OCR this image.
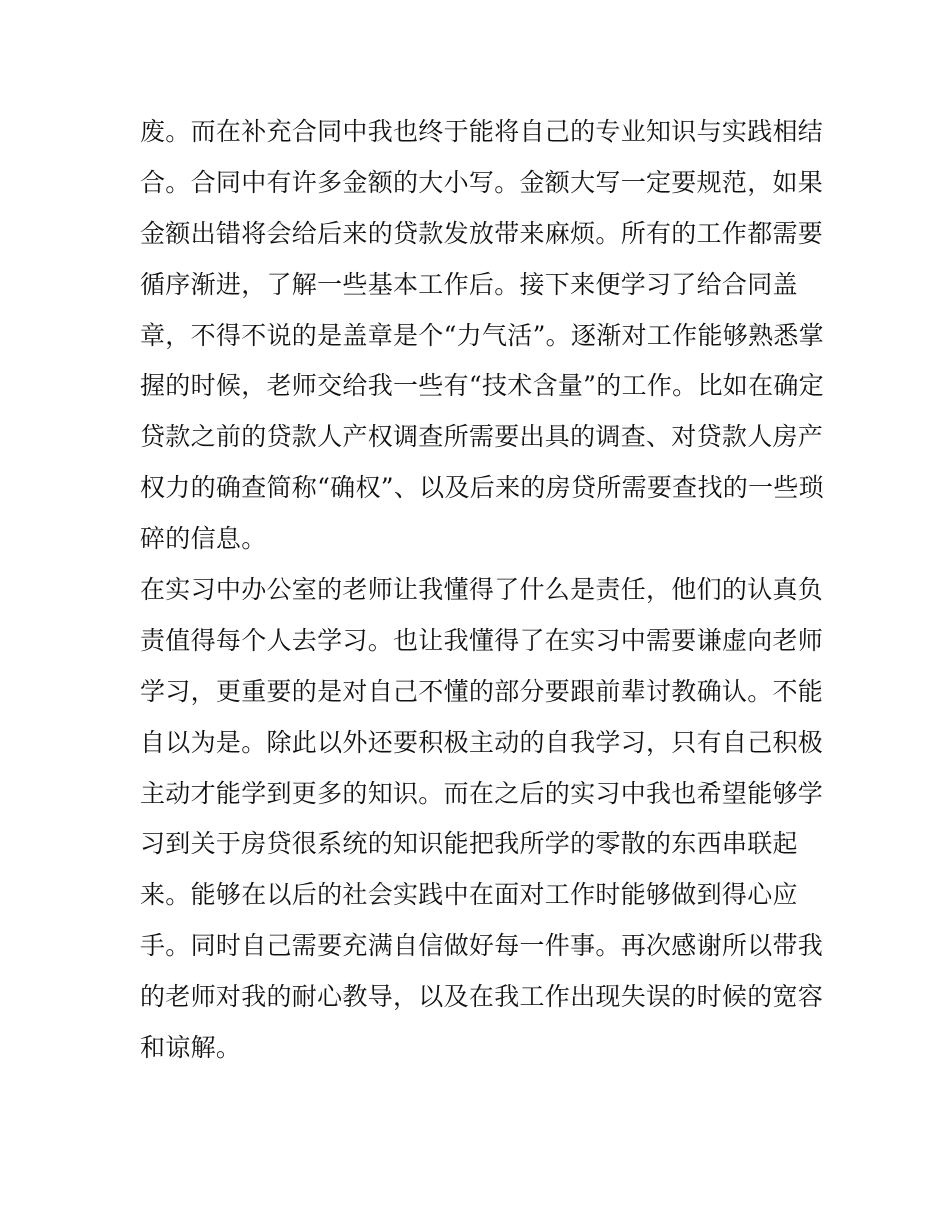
废。而在补充合同中我也终于能将自己的专业知识与实践相结
合。合同中有许多金额的大小写。金额大写一定要规范，如果
金额出错将会给后来的贷款发放带来麻烦。所有的工作都需要
循序渐进，了解一些基本工作后。接下来便学习了给合同盖
章，不得不说的是盖章是个“力气活”。逐渐对工作能够熟悉掌
握的时候，老师交给我一些有“技术含量”的工作。比如在确定
贷款之前的贷款人产权调查所需要出具的调查、对贷款人房产
权力的确查简称“确权”、以及后来的房贷所需要查找的一些琐
碎的信息。
在实习中办公室的老师让我懂得了什么是责任，他们的认真负
责值得每个人去学习。也让我懂得了在实习中需要谦虚向老师
学习，更重要的是对自己不懂的部分要跟前辈讨教确认。不能
自以为是。除此以外还要积极主动的自我学习，只有自己积极
主动才能学到更多的知识。而在之后的实习中我也希望能够学
习到关于房贷很系统的知识能把我所学的零散的东西串联起
来。能够在以后的社会实践中在面对工作时能够做到得心应
手。同时自己需要充满自信做好每一件事。再次感谢所以带我
的老师对我的耐心教导，以及在我工作出现失误的时候的宽容
和谅解。
